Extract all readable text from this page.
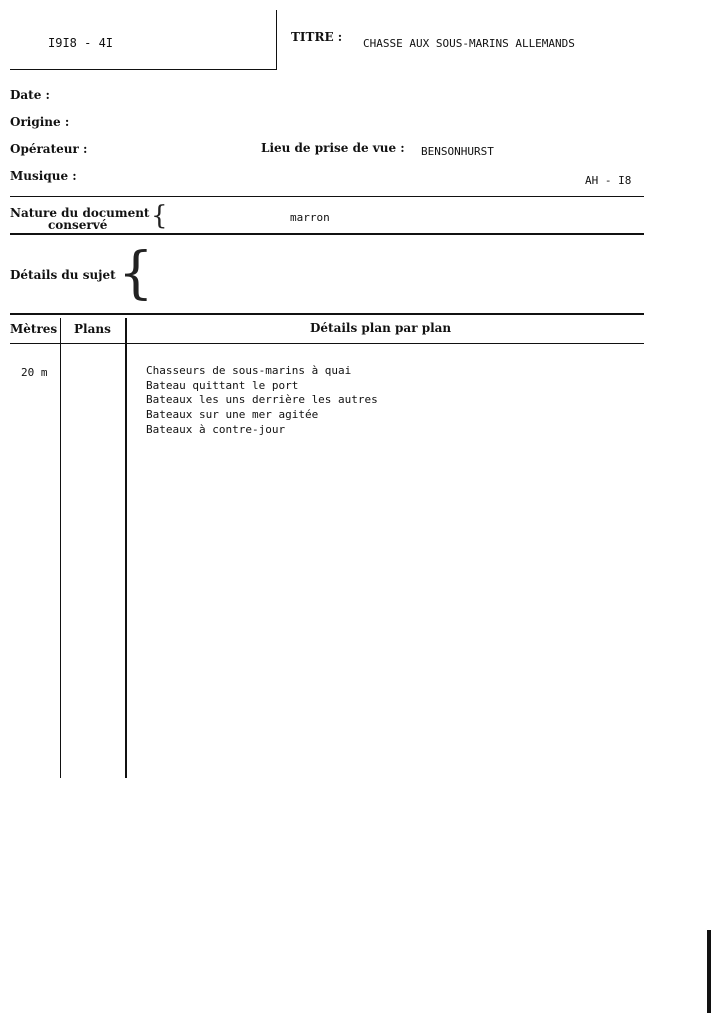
I9I8 - 4I	TITRE : CHASSE AUX SOUS-MARINS ALLEMANDS
Date :
Origine :
Opérateur :	Lieu de prise de vue : BENSONHURST
Musique :	AH - I8
Nature du document
conservé {	marron
Détails du sujet {
Mètres Plans	Détails plan par plan
20 m	Chasseurs de sous-marins à quai
Bateau quittant le port
Bateaux les uns derrière les autres
Bateaux sur une mer agitée
Bateaux à contre-jour
